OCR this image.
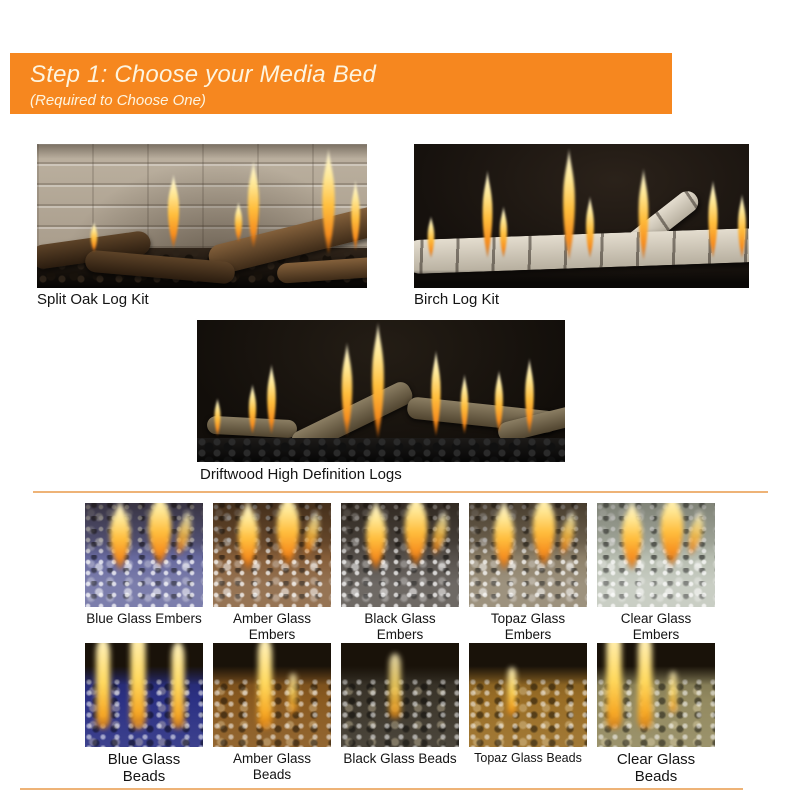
Step 1: Choose your Media Bed
(Required to Choose One)
Split Oak Log Kit	Birch Log Kit
Driftwood High Definition Logs
Blue Glass Embers	Amber Glass Embers
Black Glass Embers
Topaz Glass Embers
Clear Glass Embers
Blue Glass Beads
Amber Glass Beads
Black Glass Beads	Topaz Glass Beads	Clear Glass Beads
